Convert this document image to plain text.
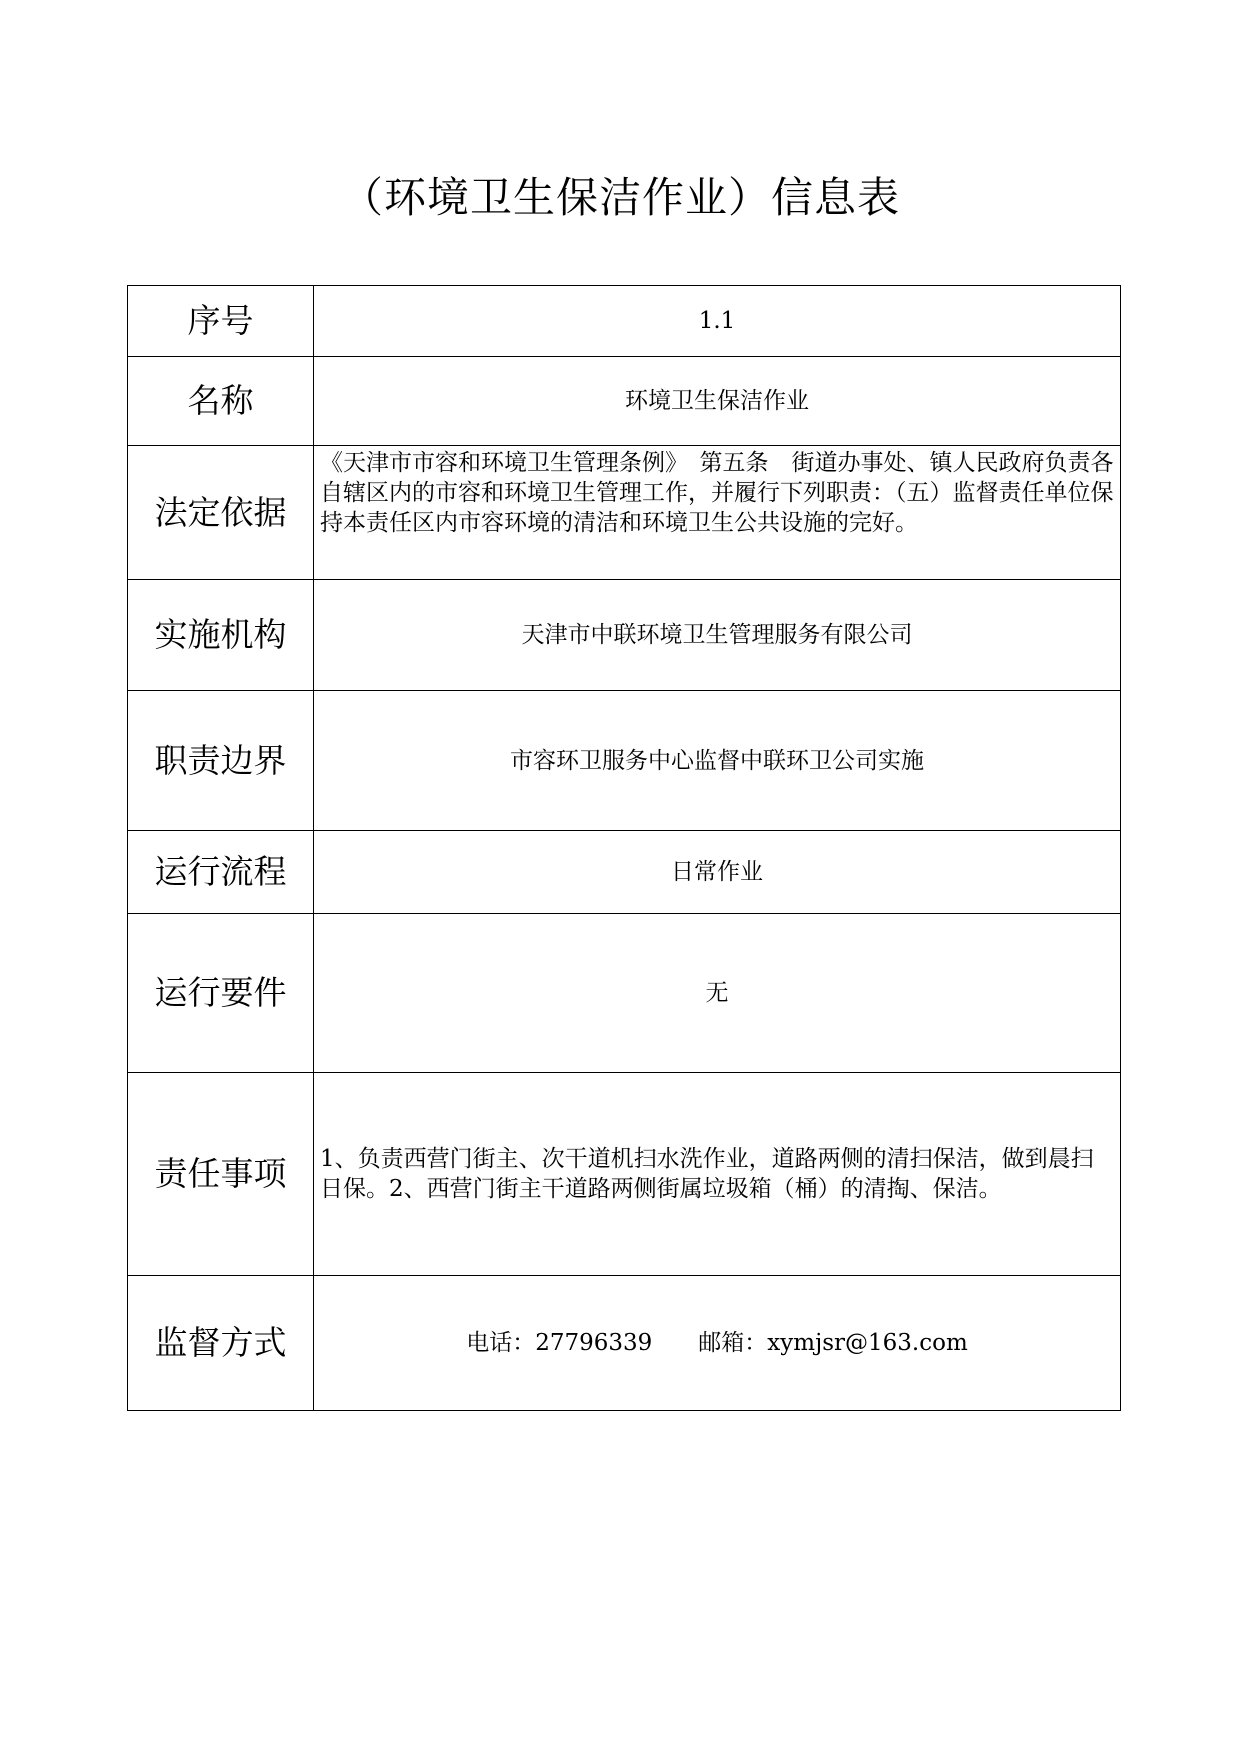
（环境卫生保洁作业）信息表
序号	1.1

名称	环境卫生保洁作业

法定依据	《天津市市容和环境卫生管理条例》　第五条　街道办事处、镇人民政府负责各自辖区内的市容和环境卫生管理工作，并履行下列职责：（五）监督责任单位保持本责任区内市容环境的清洁和环境卫生公共设施的完好。

实施机构	天津市中联环境卫生管理服务有限公司

职责边界	市容环卫服务中心监督中联环卫公司实施

运行流程	日常作业

运行要件	无

责任事项	1、负责西营门街主、次干道机扫水洗作业，道路两侧的清扫保洁，做到晨扫日保。2、西营门街主干道路两侧街属垃圾箱（桶）的清掏、保洁。

监督方式	电话：27796339　　邮箱：xymjsr@163.com
